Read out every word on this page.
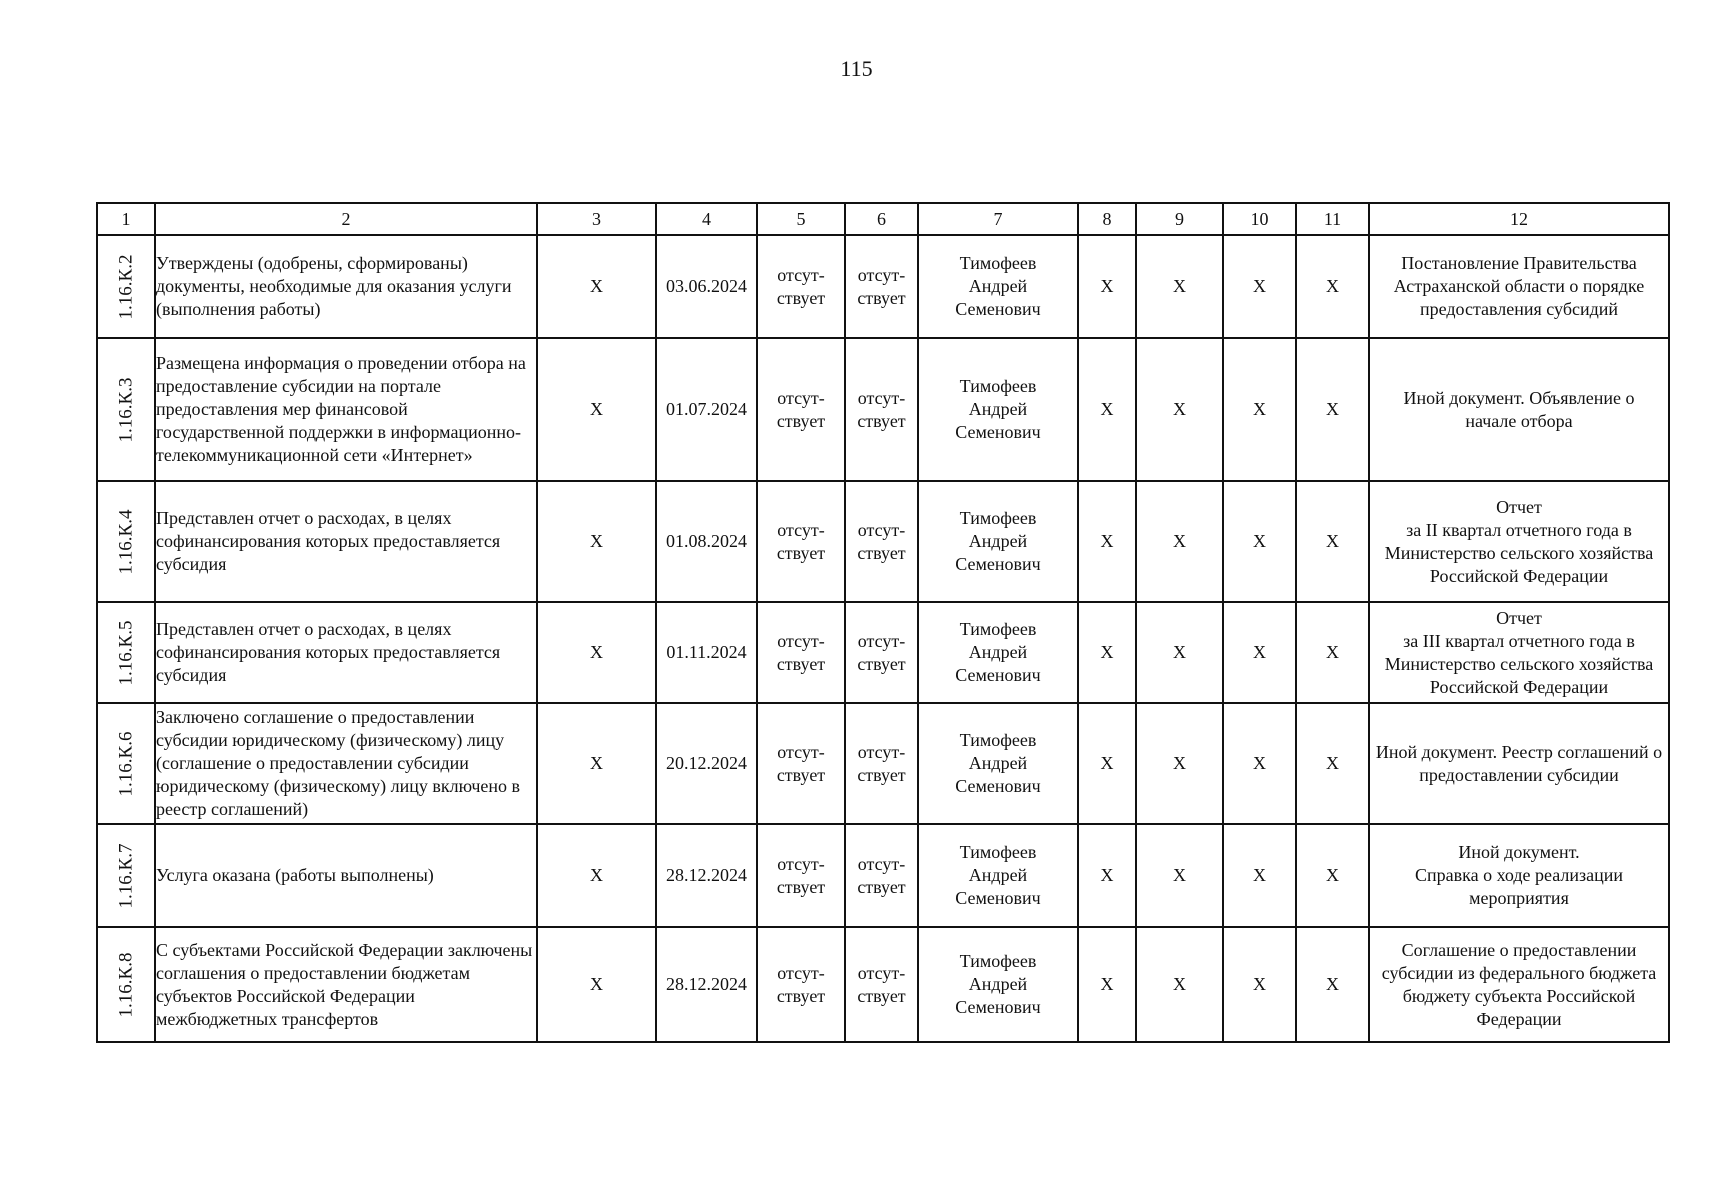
115
1	2	3	4	5	6	7	8	9	10	11	12

1.16.К.2	Утверждены (одобрены, сформированы) документы, необходимые для оказания услуги (выполнения работы)	Х	03.06.2024	отсут-
ствует	отсут-
ствует	Тимофеев
Андрей
Семенович	Х	Х	Х	Х	Постановление Правительства
Астраханской области о порядке
предоставления субсидий

1.16.К.3	Размещена информация о проведении отбора на предоставление субсидии на портале предоставления мер финансовой государственной поддержки в информационно-телекоммуникационной сети «Интернет»	Х	01.07.2024	отсут-
ствует	отсут-
ствует	Тимофеев
Андрей
Семенович	Х	Х	Х	Х	Иной документ. Объявление о
начале отбора

1.16.К.4	Представлен отчет о расходах, в целях софинансирования которых предоставляется субсидия	Х	01.08.2024	отсут-
ствует	отсут-
ствует	Тимофеев
Андрей
Семенович	Х	Х	Х	Х	Отчет
за II квартал отчетного года в Министерство сельского хозяйства
Российской Федерации

1.16.К.5	Представлен отчет о расходах, в целях софинансирования которых предоставляется субсидия	Х	01.11.2024	отсут-
ствует	отсут-
ствует	Тимофеев
Андрей
Семенович	Х	Х	Х	Х	Отчет
за III квартал отчетного года в
Министерство сельского хозяйства Российской Федерации

1.16.К.6	Заключено соглашение о предоставлении субсидии юридическому (физическому) лицу (соглашение о предоставлении субсидии юридическому (физическому) лицу включено в реестр соглашений)	Х	20.12.2024	отсут-
ствует	отсут-
ствует	Тимофеев
Андрей
Семенович	Х	Х	Х	Х	Иной документ. Реестр соглашений о предоставлении субсидии

1.16.К.7	Услуга оказана (работы выполнены)	Х	28.12.2024	отсут-
ствует	отсут-
ствует	Тимофеев
Андрей
Семенович	Х	Х	Х	Х	Иной документ.
Справка о ходе реализации мероприятия

1.16.К.8	С субъектами Российской Федерации заключены соглашения о предоставлении бюджетам субъектов Российской Федерации межбюджетных трансфертов	Х	28.12.2024	отсут-
ствует	отсут-
ствует	Тимофеев
Андрей
Семенович	Х	Х	Х	Х	Соглашение о предоставлении субсидии из федерального бюджета бюджету субъекта Российской Федерации
